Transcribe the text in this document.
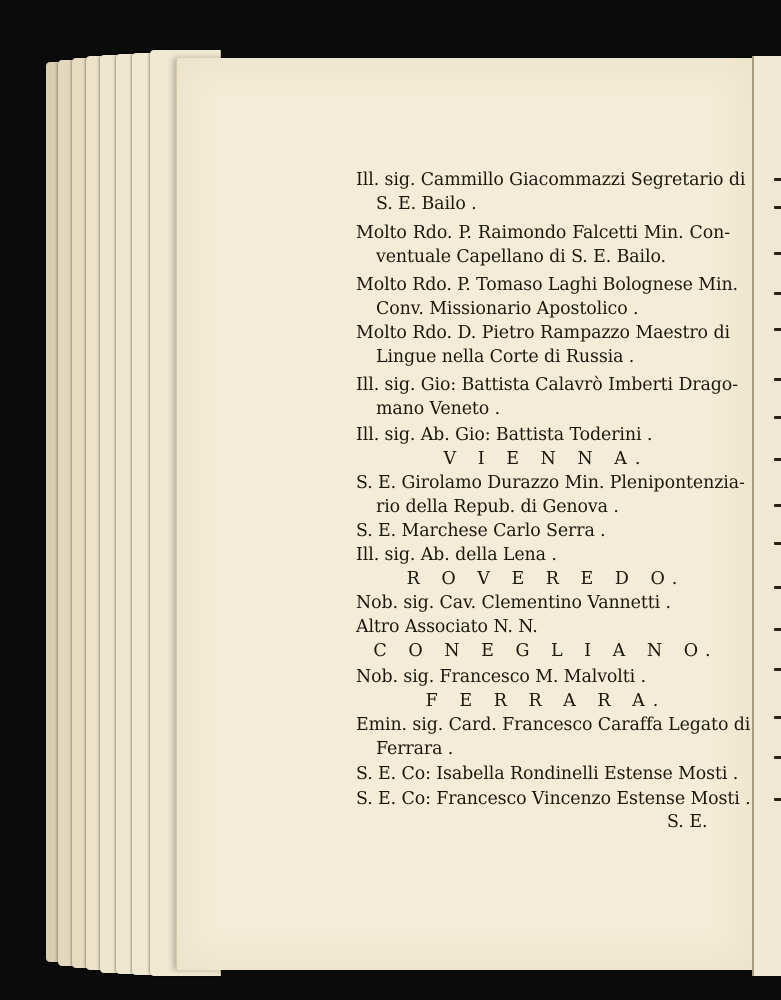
Ill. sig. Cammillo Giacommazzi Segretario di
S. E. Bailo .
Molto Rdo. P. Raimondo Falcetti Min. Con-
ventuale Capellano di S. E. Bailo.
Molto Rdo. P. Tomaso Laghi Bolognese Min.
Conv. Missionario Apostolico .
Molto Rdo. D. Pietro Rampazzo Maestro di
Lingue nella Corte di Russia .
Ill. sig. Gio: Battista Calavrò Imberti Drago-
mano Veneto .
Ill. sig. Ab. Gio: Battista Toderini .
V I E N N A.
S. E. Girolamo Durazzo Min. Plenipontenzia-
rio della Repub. di Genova .
S. E. Marchese Carlo Serra .
Ill. sig. Ab. della Lena .
R O V E R E D O.
Nob. sig. Cav. Clementino Vannetti .
Altro Associato N. N.
C O N E G L I A N O.
Nob. sig. Francesco M. Malvolti .
F E R R A R A.
Emin. sig. Card. Francesco Caraffa Legato di
Ferrara .
S. E. Co: Isabella Rondinelli Estense Mosti .
S. E. Co: Francesco Vincenzo Estense Mosti .
S. E.
